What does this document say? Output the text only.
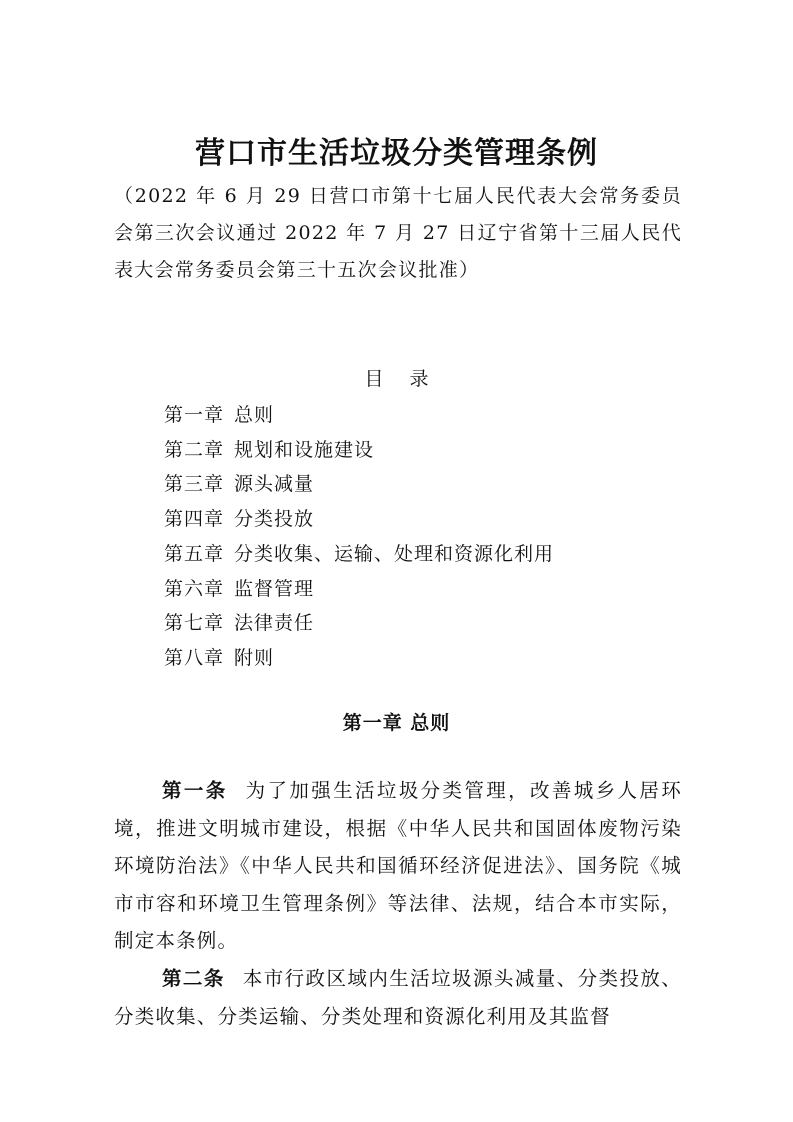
营口市生活垃圾分类管理条例

（2022 年 6 月 29 日营口市第十七届人民代表大会常务委员会第三次会议通过 2022 年 7 月 27 日辽宁省第十三届人民代表大会常务委员会第三十五次会议批准）

目录
第一章 总则
第二章 规划和设施建设
第三章 源头减量
第四章 分类投放
第五章 分类收集、运输、处理和资源化利用
第六章 监督管理
第七章 法律责任
第八章 附则
第一章 总则

第一条 为了加强生活垃圾分类管理，改善城乡人居环境，推进文明城市建设，根据《中华人民共和国固体废物污染环境防治法》《中华人民共和国循环经济促进法》、国务院《城市市容和环境卫生管理条例》等法律、法规，结合本市实际，制定本条例。

第二条 本市行政区域内生活垃圾源头减量、分类投放、分类收集、分类运输、分类处理和资源化利用及其监督
